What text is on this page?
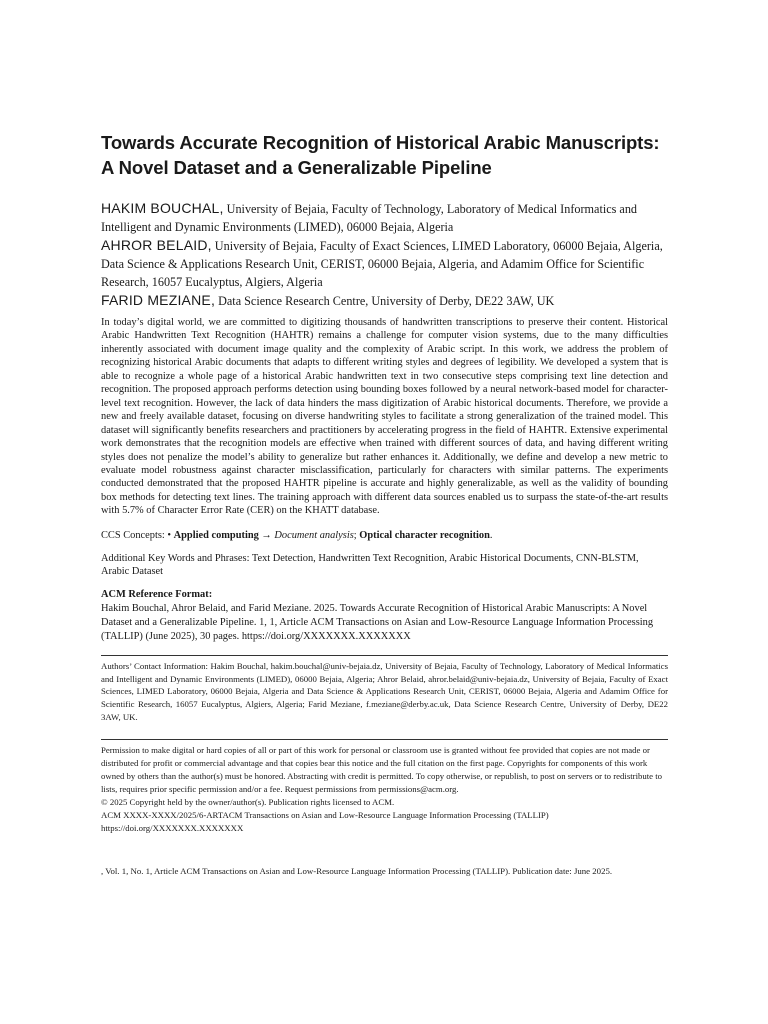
Towards Accurate Recognition of Historical Arabic Manuscripts: A Novel Dataset and a Generalizable Pipeline
HAKIM BOUCHAL, University of Bejaia, Faculty of Technology, Laboratory of Medical Informatics and Intelligent and Dynamic Environments (LIMED), 06000 Bejaia, Algeria
AHROR BELAID, University of Bejaia, Faculty of Exact Sciences, LIMED Laboratory, 06000 Bejaia, Algeria, Data Science & Applications Research Unit, CERIST, 06000 Bejaia, Algeria, and Adamim Office for Scientific Research, 16057 Eucalyptus, Algiers, Algeria
FARID MEZIANE, Data Science Research Centre, University of Derby, DE22 3AW, UK

In today’s digital world, we are committed to digitizing thousands of handwritten transcriptions to preserve their content. Historical Arabic Handwritten Text Recognition (HAHTR) remains a challenge for computer vision systems, due to the many difficulties inherently associated with document image quality and the complexity of Arabic script. In this work, we address the problem of recognizing historical Arabic documents that adapts to different writing styles and degrees of legibility. We developed a system that is able to recognize a whole page of a historical Arabic handwritten text in two consecutive steps comprising text line detection and recognition. The proposed approach performs detection using bounding boxes followed by a neural network-based model for character-level text recognition. However, the lack of data hinders the mass digitization of Arabic historical documents. Therefore, we provide a new and freely available dataset, focusing on diverse handwriting styles to facilitate a strong generalization of the trained model. This dataset will significantly benefits researchers and practitioners by accelerating progress in the field of HAHTR. Extensive experimental work demonstrates that the recognition models are effective when trained with different sources of data, and having different writing styles does not penalize the model’s ability to generalize but rather enhances it. Additionally, we define and develop a new metric to evaluate model robustness against character misclassification, particularly for characters with similar patterns. The experiments conducted demonstrated that the proposed HAHTR pipeline is accurate and highly generalizable, as well as the validity of bounding box methods for detecting text lines. The training approach with different data sources enabled us to surpass the state-of-the-art results with 5.7% of Character Error Rate (CER) on the KHATT database.

CCS Concepts: • Applied computing → Document analysis; Optical character recognition.
Additional Key Words and Phrases: Text Detection, Handwritten Text Recognition, Arabic Historical Documents, CNN-BLSTM, Arabic Dataset
ACM Reference Format:
Hakim Bouchal, Ahror Belaid, and Farid Meziane. 2025. Towards Accurate Recognition of Historical Arabic Manuscripts: A Novel Dataset and a Generalizable Pipeline. 1, 1, Article ACM Transactions on Asian and Low-Resource Language Information Processing (TALLIP) (June 2025), 30 pages. https://doi.org/XXXXXXX.XXXXXXX
Authors’ Contact Information: Hakim Bouchal, hakim.bouchal@univ-bejaia.dz, University of Bejaia, Faculty of Technology, Laboratory of Medical Informatics and Intelligent and Dynamic Environments (LIMED), 06000 Bejaia, Algeria; Ahror Belaid, ahror.belaid@univ-bejaia.dz, University of Bejaia, Faculty of Exact Sciences, LIMED Laboratory, 06000 Bejaia, Algeria and Data Science & Applications Research Unit, CERIST, 06000 Bejaia, Algeria and Adamim Office for Scientific Research, 16057 Eucalyptus, Algiers, Algeria; Farid Meziane, f.meziane@derby.ac.uk, Data Science Research Centre, University of Derby, DE22 3AW, UK.
Permission to make digital or hard copies of all or part of this work for personal or classroom use is granted without fee provided that copies are not made or distributed for profit or commercial advantage and that copies bear this notice and the full citation on the first page. Copyrights for components of this work owned by others than the author(s) must be honored. Abstracting with credit is permitted. To copy otherwise, or republish, to post on servers or to redistribute to lists, requires prior specific permission and/or a fee. Request permissions from permissions@acm.org.
© 2025 Copyright held by the owner/author(s). Publication rights licensed to ACM.
ACM XXXX-XXXX/2025/6-ARTACM Transactions on Asian and Low-Resource Language Information Processing (TALLIP)
https://doi.org/XXXXXXX.XXXXXXX
, Vol. 1, No. 1, Article ACM Transactions on Asian and Low-Resource Language Information Processing (TALLIP). Publication date: June 2025.
